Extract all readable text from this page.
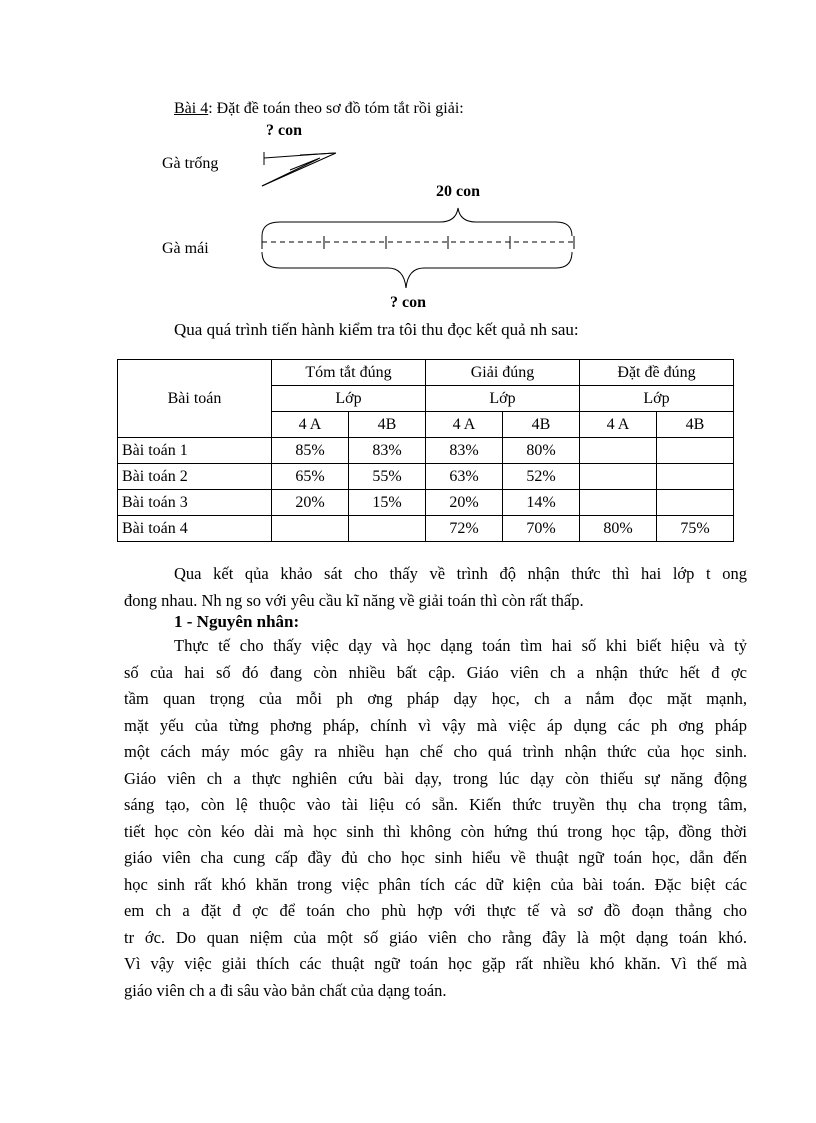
Bài 4: Đặt đề toán theo sơ đồ tóm tắt rồi giải:
? con
Gà trống
20 con
Gà mái
? con
Qua quá trình tiến hành kiểm tra tôi thu đọc kết quả nh sau:
Bài toán	Tóm tắt đúng		Giải đúng		Đặt đề đúng	
	Lớp		Lớp		Lớp	
	4 A	4B	4 A	4B	4 A	4B
Bài toán 1	85%	83%	83%	80%		
Bài toán 2	65%	55%	63%	52%		
Bài toán 3	20%	15%	20%	14%		
Bài toán 4			72%	70%	80%	75%
Qua kết qủa khảo sát cho thấy về trình độ nhận thức thì hai lớp t ong
đong nhau. Nh ng so với yêu cầu kĩ năng về giải toán thì còn rất thấp.
1 - Nguyên nhân:
Thực tế cho thấy việc dạy và học dạng toán tìm hai số khi biết hiệu và tỷ
số của hai số đó đang còn nhiều bất cập. Giáo viên ch a nhận thức hết đ ợc
tầm quan trọng của mỗi ph ơng pháp dạy học, ch a nắm đọc mặt mạnh,
mặt yếu của từng phơng pháp, chính vì vậy mà việc áp dụng các ph ơng pháp
một cách máy móc gây ra nhiều hạn chế cho quá trình nhận thức của học sinh.
Giáo viên ch a thực nghiên cứu bài dạy, trong lúc dạy còn thiếu sự năng động
sáng tạo, còn lệ thuộc vào tài liệu có sẵn. Kiến thức truyền thụ cha trọng tâm,
tiết học còn kéo dài mà học sinh thì không còn hứng thú trong học tập, đồng thời
giáo viên cha cung cấp đầy đủ cho học sinh hiểu về thuật ngữ toán học, dẫn đến
học sinh rất khó khăn trong việc phân tích các dữ kiện của bài toán. Đặc biệt các
em ch a đặt đ ợc để toán cho phù hợp với thực tế và sơ đồ đoạn thẳng cho
tr ớc. Do quan niệm của một số giáo viên cho rằng đây là một dạng toán khó.
Vì vậy việc giải thích các thuật ngữ toán học gặp rất nhiều khó khăn. Vì thế mà
giáo viên ch a đi sâu vào bản chất của dạng toán.
